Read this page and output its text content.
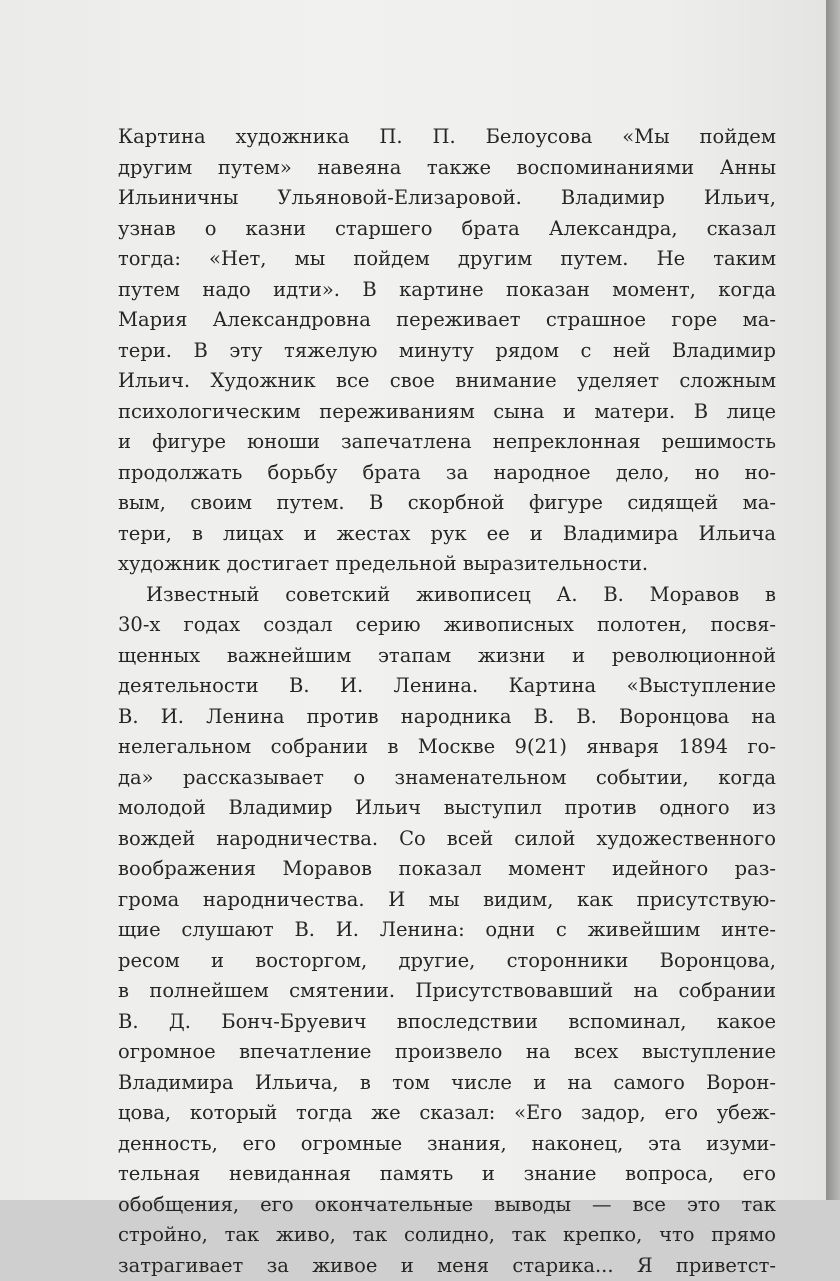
Картина художника П. П. Белоусова «Мы пойдем
другим путем» навеяна также воспоминаниями Анны
Ильиничны Ульяновой-Елизаровой. Владимир Ильич,
узнав о казни старшего брата Александра, сказал
тогда: «Нет, мы пойдем другим путем. Не таким
путем надо идти». В картине показан момент, когда
Мария Александровна переживает страшное горе ма-
тери. В эту тяжелую минуту рядом с ней Владимир
Ильич. Художник все свое внимание уделяет сложным
психологическим переживаниям сына и матери. В лице
и фигуре юноши запечатлена непреклонная решимость
продолжать борьбу брата за народное дело, но но-
вым, своим путем. В скорбной фигуре сидящей ма-
тери, в лицах и жестах рук ее и Владимира Ильича
художник достигает предельной выразительности.
Известный советский живописец А. В. Моравов в
30-х годах создал серию живописных полотен, посвя-
щенных важнейшим этапам жизни и революционной
деятельности В. И. Ленина. Картина «Выступление
В. И. Ленина против народника В. В. Воронцова на
нелегальном собрании в Москве 9(21) января 1894 го-
да» рассказывает о знаменательном событии, когда
молодой Владимир Ильич выступил против одного из
вождей народничества. Со всей силой художественного
воображения Моравов показал момент идейного раз-
грома народничества. И мы видим, как присутствую-
щие слушают В. И. Ленина: одни с живейшим инте-
ресом и восторгом, другие, сторонники Воронцова,
в полнейшем смятении. Присутствовавший на собрании
В. Д. Бонч-Бруевич впоследствии вспоминал, какое
огромное впечатление произвело на всех выступление
Владимира Ильича, в том числе и на самого Ворон-
цова, который тогда же сказал: «Его задор, его убеж-
денность, его огромные знания, наконец, эта изуми-
тельная невиданная память и знание вопроса, его
обобщения, его окончательные выводы — все это так
стройно, так живо, так солидно, так крепко, что прямо
затрагивает за живое и меня старика... Я приветст-
